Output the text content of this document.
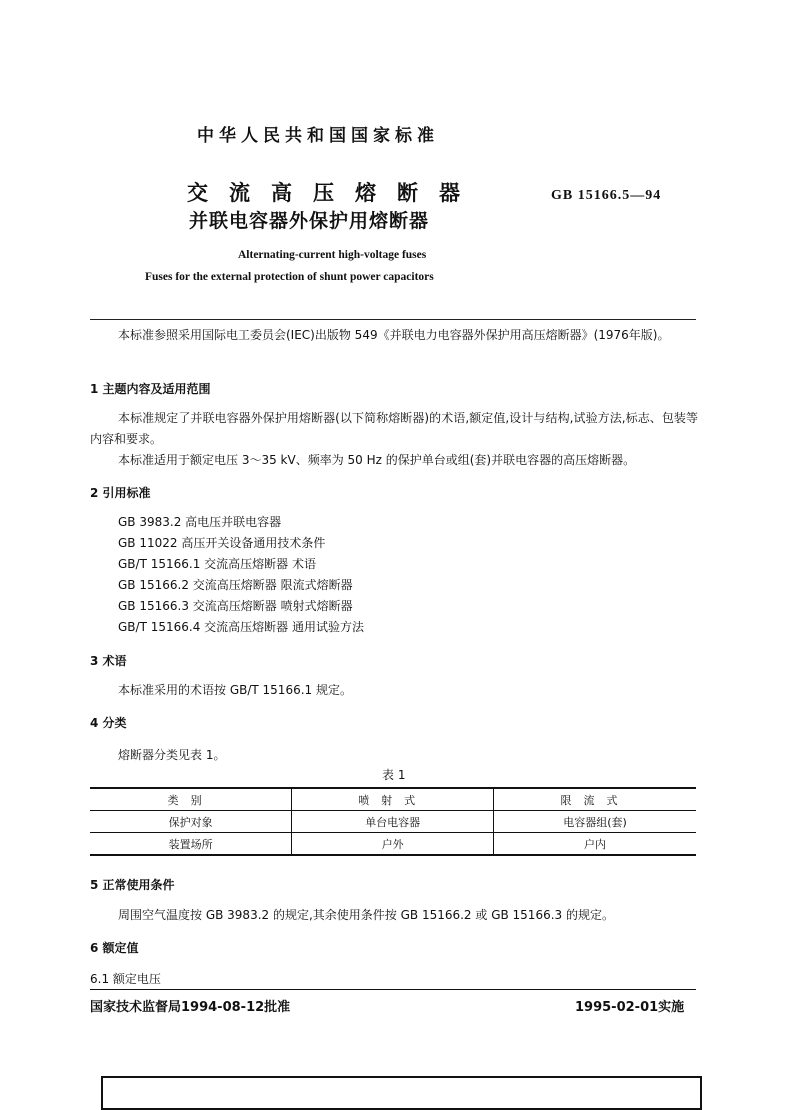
中华人民共和国国家标准
交流高压熔断器
并联电容器外保护用熔断器
GB 15166.5—94
Alternating-current high-voltage fuses
Fuses for the external protection of shunt power capacitors
本标准参照采用国际电工委员会(IEC)出版物 549《并联电力电容器外保护用高压熔断器》(1976年版)。
1 主题内容及适用范围
本标准规定了并联电容器外保护用熔断器(以下简称熔断器)的术语,额定值,设计与结构,试验方法,标志、包装等内容和要求。
本标准适用于额定电压 3～35 kV、频率为 50 Hz 的保护单台或组(套)并联电容器的高压熔断器。
2 引用标准
GB 3983.2 高电压并联电容器
GB 11022 高压开关设备通用技术条件
GB/T 15166.1 交流高压熔断器 术语
GB 15166.2 交流高压熔断器 限流式熔断器
GB 15166.3 交流高压熔断器 喷射式熔断器
GB/T 15166.4 交流高压熔断器 通用试验方法
3 术语
本标准采用的术语按 GB/T 15166.1 规定。
4 分类
熔断器分类见表 1。
表 1
类别	喷射式	限流式
保护对象	单台电容器	电容器组(套)
装置场所	户外	户内
5 正常使用条件
周围空气温度按 GB 3983.2 的规定,其余使用条件按 GB 15166.2 或 GB 15166.3 的规定。
6 额定值
6.1 额定电压
国家技术监督局1994-08-12批准	1995-02-01实施
